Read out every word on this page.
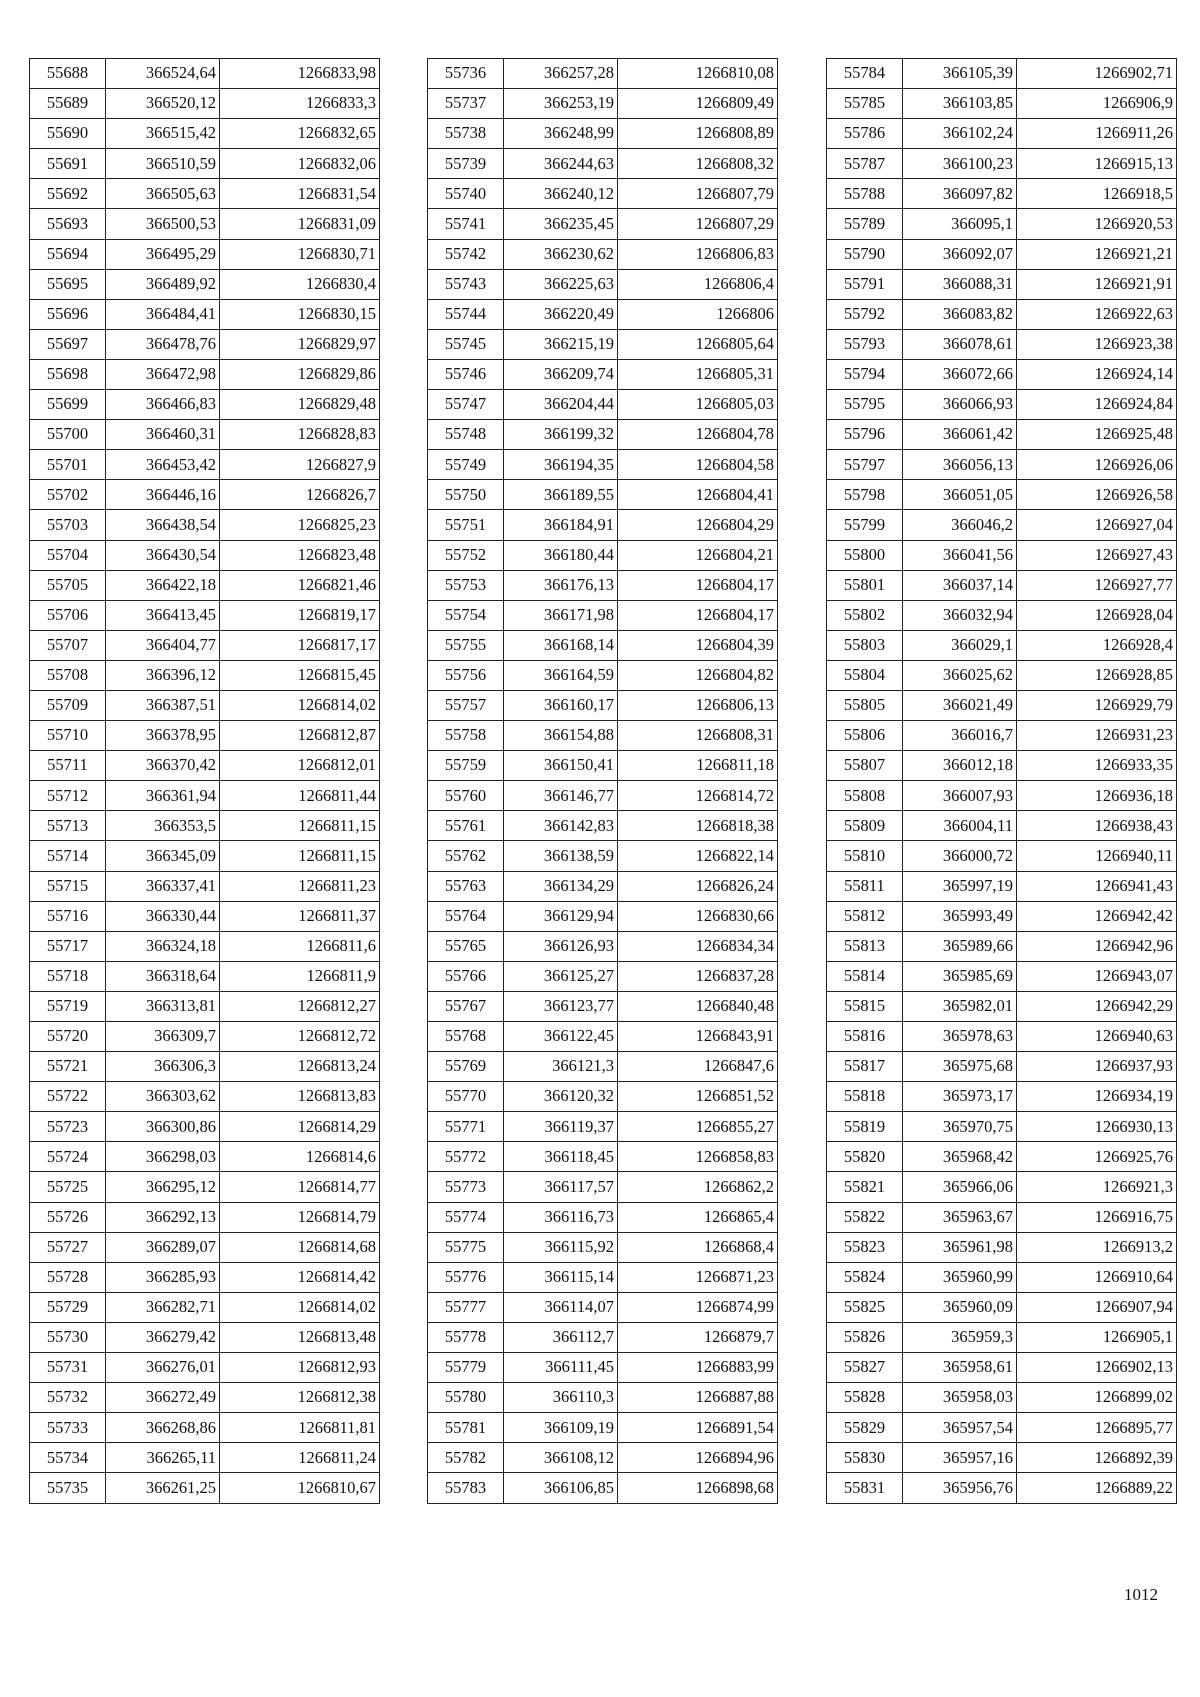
55688	366524,64	1266833,98
55689	366520,12	1266833,3
55690	366515,42	1266832,65
55691	366510,59	1266832,06
55692	366505,63	1266831,54
55693	366500,53	1266831,09
55694	366495,29	1266830,71
55695	366489,92	1266830,4
55696	366484,41	1266830,15
55697	366478,76	1266829,97
55698	366472,98	1266829,86
55699	366466,83	1266829,48
55700	366460,31	1266828,83
55701	366453,42	1266827,9
55702	366446,16	1266826,7
55703	366438,54	1266825,23
55704	366430,54	1266823,48
55705	366422,18	1266821,46
55706	366413,45	1266819,17
55707	366404,77	1266817,17
55708	366396,12	1266815,45
55709	366387,51	1266814,02
55710	366378,95	1266812,87
55711	366370,42	1266812,01
55712	366361,94	1266811,44
55713	366353,5	1266811,15
55714	366345,09	1266811,15
55715	366337,41	1266811,23
55716	366330,44	1266811,37
55717	366324,18	1266811,6
55718	366318,64	1266811,9
55719	366313,81	1266812,27
55720	366309,7	1266812,72
55721	366306,3	1266813,24
55722	366303,62	1266813,83
55723	366300,86	1266814,29
55724	366298,03	1266814,6
55725	366295,12	1266814,77
55726	366292,13	1266814,79
55727	366289,07	1266814,68
55728	366285,93	1266814,42
55729	366282,71	1266814,02
55730	366279,42	1266813,48
55731	366276,01	1266812,93
55732	366272,49	1266812,38
55733	366268,86	1266811,81
55734	366265,11	1266811,24
55735	366261,25	1266810,67
55736	366257,28	1266810,08
55737	366253,19	1266809,49
55738	366248,99	1266808,89
55739	366244,63	1266808,32
55740	366240,12	1266807,79
55741	366235,45	1266807,29
55742	366230,62	1266806,83
55743	366225,63	1266806,4
55744	366220,49	1266806
55745	366215,19	1266805,64
55746	366209,74	1266805,31
55747	366204,44	1266805,03
55748	366199,32	1266804,78
55749	366194,35	1266804,58
55750	366189,55	1266804,41
55751	366184,91	1266804,29
55752	366180,44	1266804,21
55753	366176,13	1266804,17
55754	366171,98	1266804,17
55755	366168,14	1266804,39
55756	366164,59	1266804,82
55757	366160,17	1266806,13
55758	366154,88	1266808,31
55759	366150,41	1266811,18
55760	366146,77	1266814,72
55761	366142,83	1266818,38
55762	366138,59	1266822,14
55763	366134,29	1266826,24
55764	366129,94	1266830,66
55765	366126,93	1266834,34
55766	366125,27	1266837,28
55767	366123,77	1266840,48
55768	366122,45	1266843,91
55769	366121,3	1266847,6
55770	366120,32	1266851,52
55771	366119,37	1266855,27
55772	366118,45	1266858,83
55773	366117,57	1266862,2
55774	366116,73	1266865,4
55775	366115,92	1266868,4
55776	366115,14	1266871,23
55777	366114,07	1266874,99
55778	366112,7	1266879,7
55779	366111,45	1266883,99
55780	366110,3	1266887,88
55781	366109,19	1266891,54
55782	366108,12	1266894,96
55783	366106,85	1266898,68
55784	366105,39	1266902,71
55785	366103,85	1266906,9
55786	366102,24	1266911,26
55787	366100,23	1266915,13
55788	366097,82	1266918,5
55789	366095,1	1266920,53
55790	366092,07	1266921,21
55791	366088,31	1266921,91
55792	366083,82	1266922,63
55793	366078,61	1266923,38
55794	366072,66	1266924,14
55795	366066,93	1266924,84
55796	366061,42	1266925,48
55797	366056,13	1266926,06
55798	366051,05	1266926,58
55799	366046,2	1266927,04
55800	366041,56	1266927,43
55801	366037,14	1266927,77
55802	366032,94	1266928,04
55803	366029,1	1266928,4
55804	366025,62	1266928,85
55805	366021,49	1266929,79
55806	366016,7	1266931,23
55807	366012,18	1266933,35
55808	366007,93	1266936,18
55809	366004,11	1266938,43
55810	366000,72	1266940,11
55811	365997,19	1266941,43
55812	365993,49	1266942,42
55813	365989,66	1266942,96
55814	365985,69	1266943,07
55815	365982,01	1266942,29
55816	365978,63	1266940,63
55817	365975,68	1266937,93
55818	365973,17	1266934,19
55819	365970,75	1266930,13
55820	365968,42	1266925,76
55821	365966,06	1266921,3
55822	365963,67	1266916,75
55823	365961,98	1266913,2
55824	365960,99	1266910,64
55825	365960,09	1266907,94
55826	365959,3	1266905,1
55827	365958,61	1266902,13
55828	365958,03	1266899,02
55829	365957,54	1266895,77
55830	365957,16	1266892,39
55831	365956,76	1266889,22
1012
